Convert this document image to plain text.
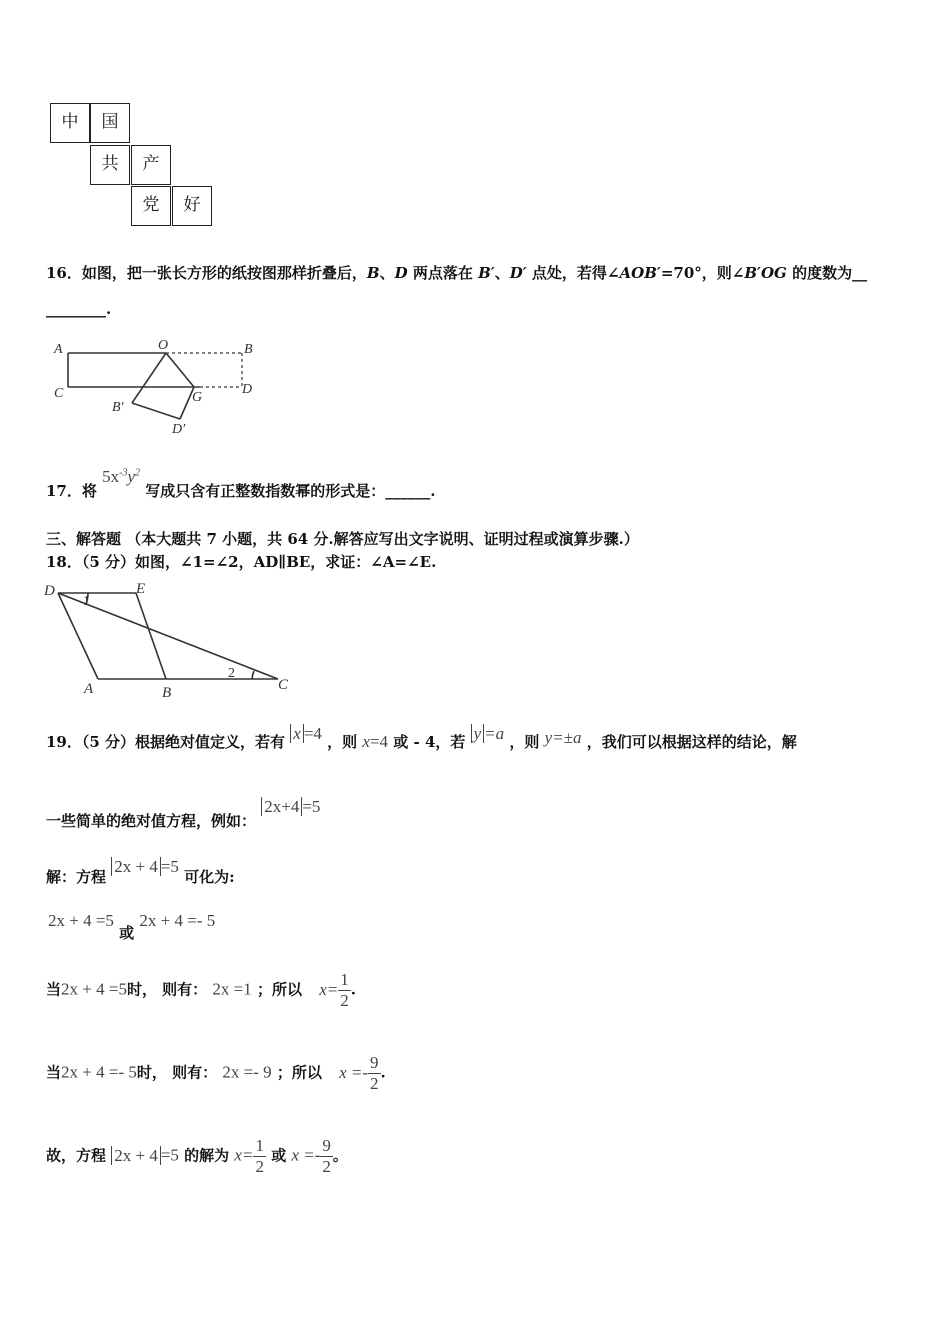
中	国
共	产
党	好
16．如图，把一张长方形的纸按图那样折叠后，B、D 两点落在 B′、D′ 点处，若得∠AOB′=70°，则∠B′OG 的度数为__
________.
A	O	B
C	D
G
B′
D′
17．将 $5x^{-3}y^2$ 写成只含有正整数指数幂的形式是：______.
三、解答题 （本大题共 7 小题，共 64 分.解答应写出文字说明、证明过程或演算步骤.）
18．（5 分）如图，∠1=∠2，AD∥BE，求证：∠A=∠E.
D	E
A	B	C
1
2
19．（5 分）根据绝对值定义，若有 x =4 ，则 x=4 或 - 4，若 y =a ，则 y=±a ，我们可以根据这样的结论，解
一些简单的绝对值方程，例如： 2x+4 =5
解：方程 2x + 4 =5 可化为:
2x + 4 =5 或 2x + 4 =- 5
当2x + 4 =5时， 则有： 2x =1 ；所以 $x= \frac{1}{2}$ .
当2x + 4 =- 5时， 则有： 2x =- 9 ；所以 $x =- \frac{9}{2}$ .
故，方程 2x + 4 =5 的解为 $x= \frac{1}{2}$ 或 $x =- \frac{9}{2}$ 。
